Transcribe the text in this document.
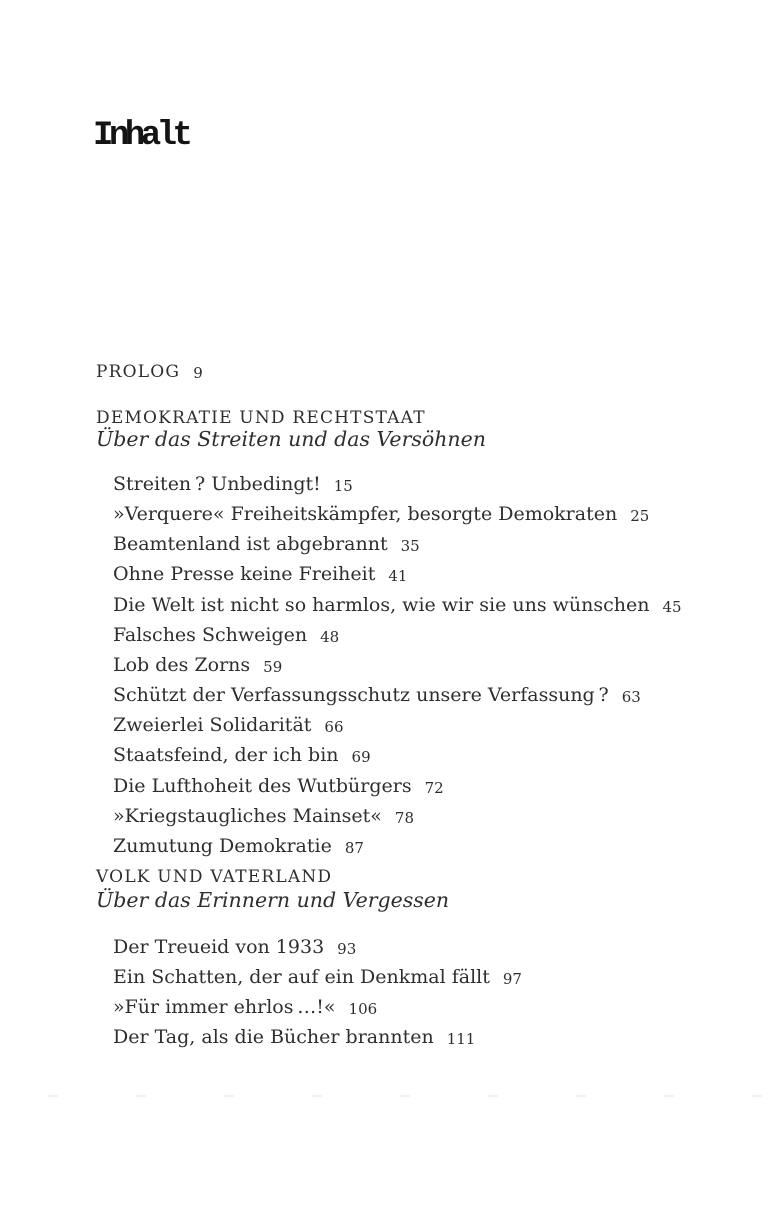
Inhalt
PROLOG 9
DEMOKRATIE UND RECHTSTAAT
Über das Streiten und das Versöhnen
Streiten ? Unbedingt! 15
»Verquere« Freiheitskämpfer, besorgte Demokraten 25
Beamtenland ist abgebrannt 35
Ohne Presse keine Freiheit 41
Die Welt ist nicht so harmlos, wie wir sie uns wünschen 45
Falsches Schweigen 48
Lob des Zorns 59
Schützt der Verfassungsschutz unsere Verfassung ? 63
Zweierlei Solidarität 66
Staatsfeind, der ich bin 69
Die Lufthoheit des Wutbürgers 72
»Kriegstaugliches Mainset« 78
Zumutung Demokratie 87
VOLK UND VATERLAND
Über das Erinnern und Vergessen
Der Treueid von 1933 93
Ein Schatten, der auf ein Denkmal fällt 97
»Für immer ehrlos …!« 106
Der Tag, als die Bücher brannten 111
